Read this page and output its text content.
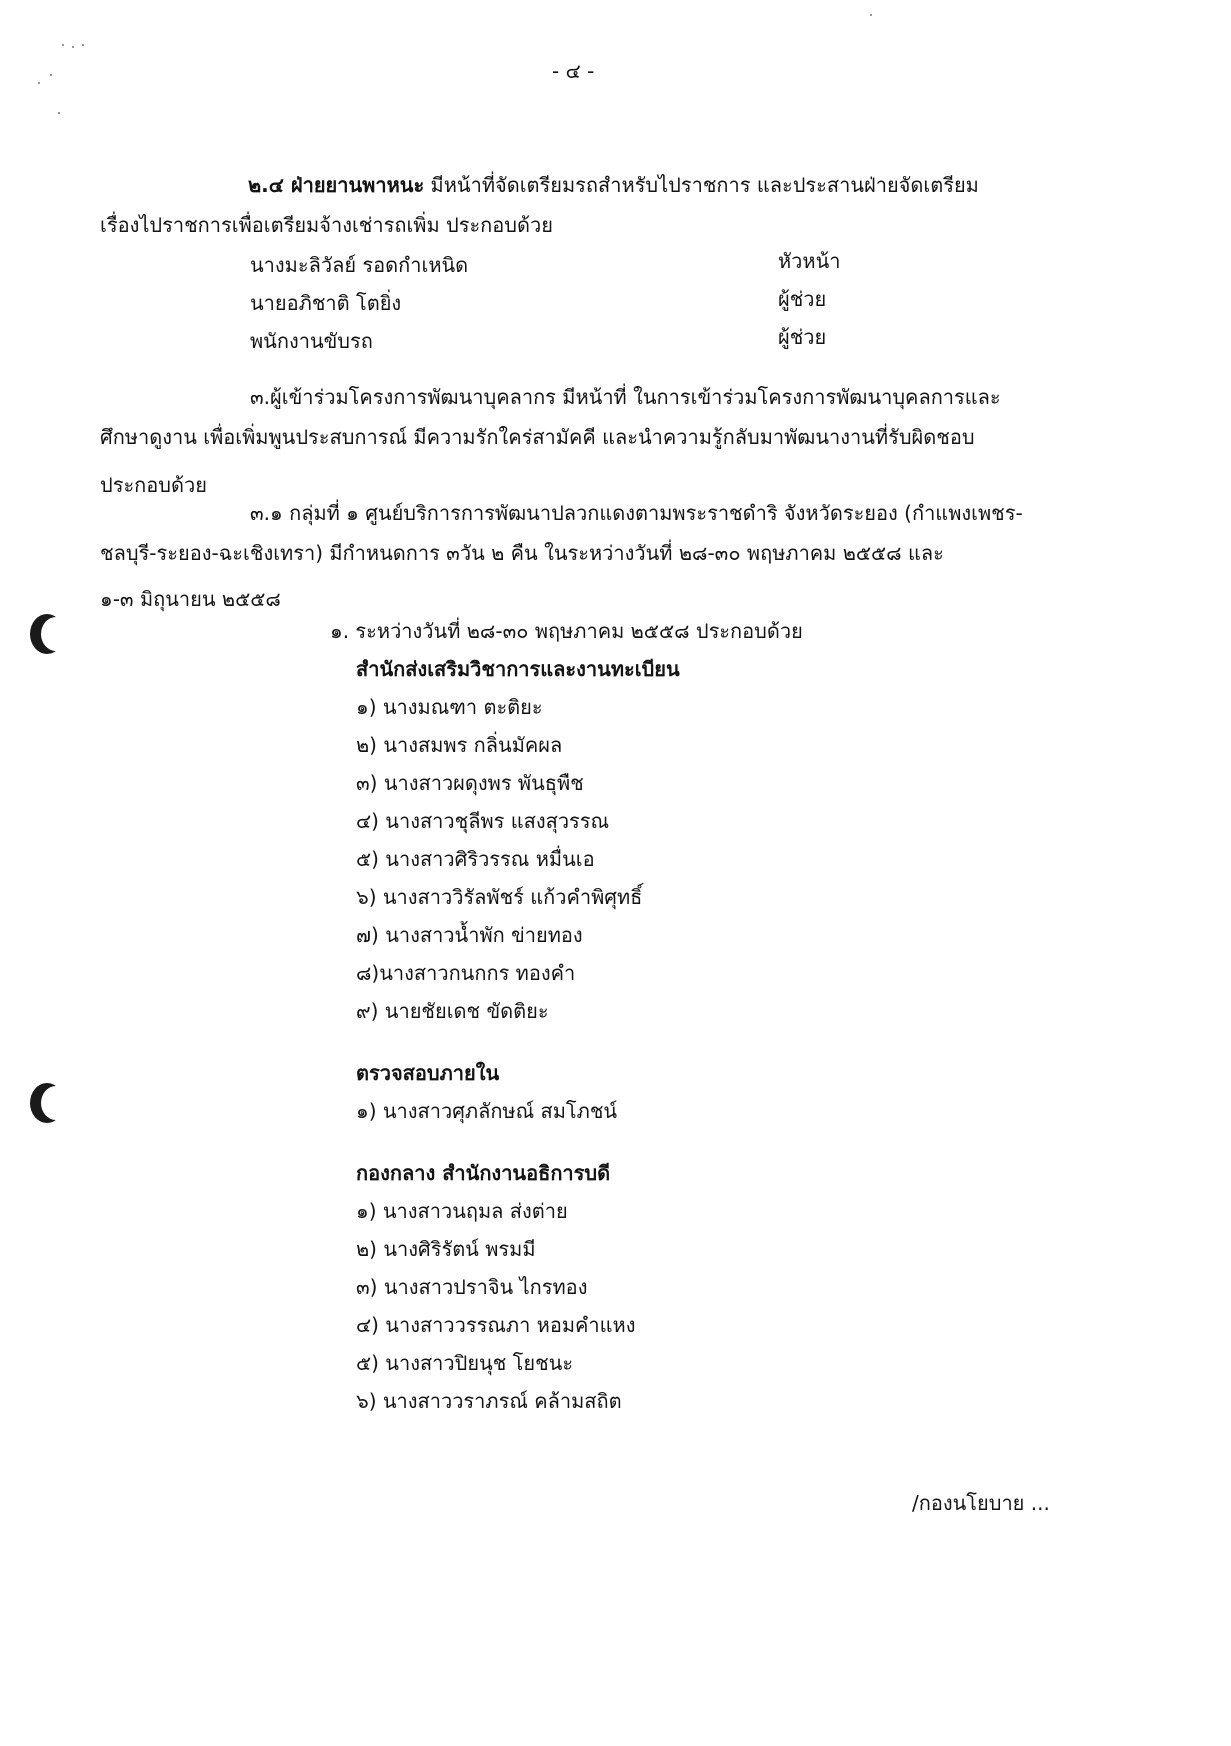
- ๔ -
๒.๔ ฝ่ายยานพาหนะ มีหน้าที่จัดเตรียมรถสำหรับไปราชการ และประสานฝ่ายจัดเตรียม
เรื่องไปราชการเพื่อเตรียมจ้างเช่ารถเพิ่ม ประกอบด้วย
นางมะลิวัลย์ รอดกำเหนิด	หัวหน้า
นายอภิชาติ โตยิ่ง	ผู้ช่วย
พนักงานขับรถ	ผู้ช่วย
๓.ผู้เข้าร่วมโครงการพัฒนาบุคลากร มีหน้าที่ ในการเข้าร่วมโครงการพัฒนาบุคลการและ
ศึกษาดูงาน เพื่อเพิ่มพูนประสบการณ์ มีความรักใคร่สามัคคี และนำความรู้กลับมาพัฒนางานที่รับผิดชอบ
ประกอบด้วย
๓.๑ กลุ่มที่ ๑ ศูนย์บริการการพัฒนาปลวกแดงตามพระราชดำริ จังหวัดระยอง (กำแพงเพชร-
ชลบุรี-ระยอง-ฉะเชิงเทรา) มีกำหนดการ ๓วัน ๒ คืน ในระหว่างวันที่ ๒๘-๓๐ พฤษภาคม ๒๕๕๘ และ
๑-๓ มิถุนายน ๒๕๕๘
๑. ระหว่างวันที่ ๒๘-๓๐ พฤษภาคม ๒๕๕๘ ประกอบด้วย
สำนักส่งเสริมวิชาการและงานทะเบียน
๑) นางมณฑา ตะติยะ
๒) นางสมพร กลิ่นมัคผล
๓) นางสาวผดุงพร พันธุพืช
๔) นางสาวชุลีพร แสงสุวรรณ
๕) นางสาวศิริวรรณ หมื่นเอ
๖) นางสาววิรัลพัชร์ แก้วคำพิศุทธิ์
๗) นางสาวน้ำพัก ข่ายทอง
๘)นางสาวกนกกร ทองคำ
๙) นายชัยเดช ขัดติยะ
ตรวจสอบภายใน
๑) นางสาวศุภลักษณ์ สมโภชน์
กองกลาง สำนักงานอธิการบดี
๑) นางสาวนฤมล ส่งต่าย
๒) นางศิริรัตน์ พรมมี
๓) นางสาวปราจิน ไกรทอง
๔) นางสาววรรณภา หอมคำแหง
๕) นางสาวปิยนุช โยชนะ
๖) นางสาววราภรณ์ คล้ามสถิต
/กองนโยบาย ...
